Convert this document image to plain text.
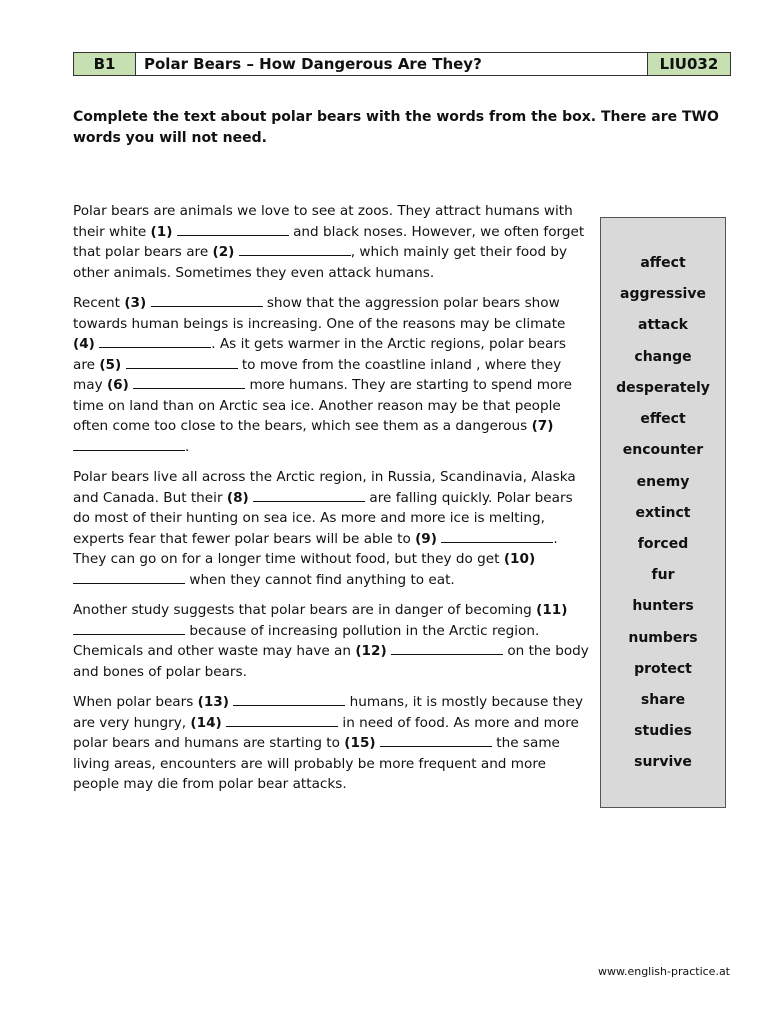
B1	Polar Bears – How Dangerous Are They?	LIU032
Complete the text about polar bears with the words from the box. There are TWO words you will not need.

Polar bears are animals we love to see at zoos. They attract humans with their white (1)	and black noses. However, we often forget that polar bears are (2)	, which mainly get their food by other animals. Sometimes they even attack humans.

Recent (3)	show that the aggression polar bears show towards human beings is increasing. One of the reasons may be climate (4)	. As it gets warmer in the Arctic regions, polar bears are (5)	to move from the coastline inland , where they may (6)	more humans. They are starting to spend more time on land than on Arctic sea ice. Another reason may be that people often come too close to the bears, which see them as a dangerous (7) .

Polar bears live all across the Arctic region, in Russia, Scandinavia, Alaska and Canada. But their (8)	are falling quickly. Polar bears do most of their hunting on sea ice. As more and more ice is melting, experts fear that fewer polar bears will be able to (9)	. They can go on for a longer time without food, but they do get (10)  when they cannot find anything to eat.

Another study suggests that polar bears are in danger of becoming (11)  because of increasing pollution in the Arctic region. Chemicals and other waste may have an (12)	on the body and bones of polar bears.

When polar bears (13)	humans, it is mostly because they are very hungry, (14)	in need of food. As more and more polar bears and humans are starting to (15)	the same living areas, encounters are will probably be more frequent and more people may die from polar bear attacks.

affect
aggressive
attack
change
desperately
effect
encounter
enemy
extinct
forced
fur
hunters
numbers
protect
share
studies
survive
www.english-practice.at
